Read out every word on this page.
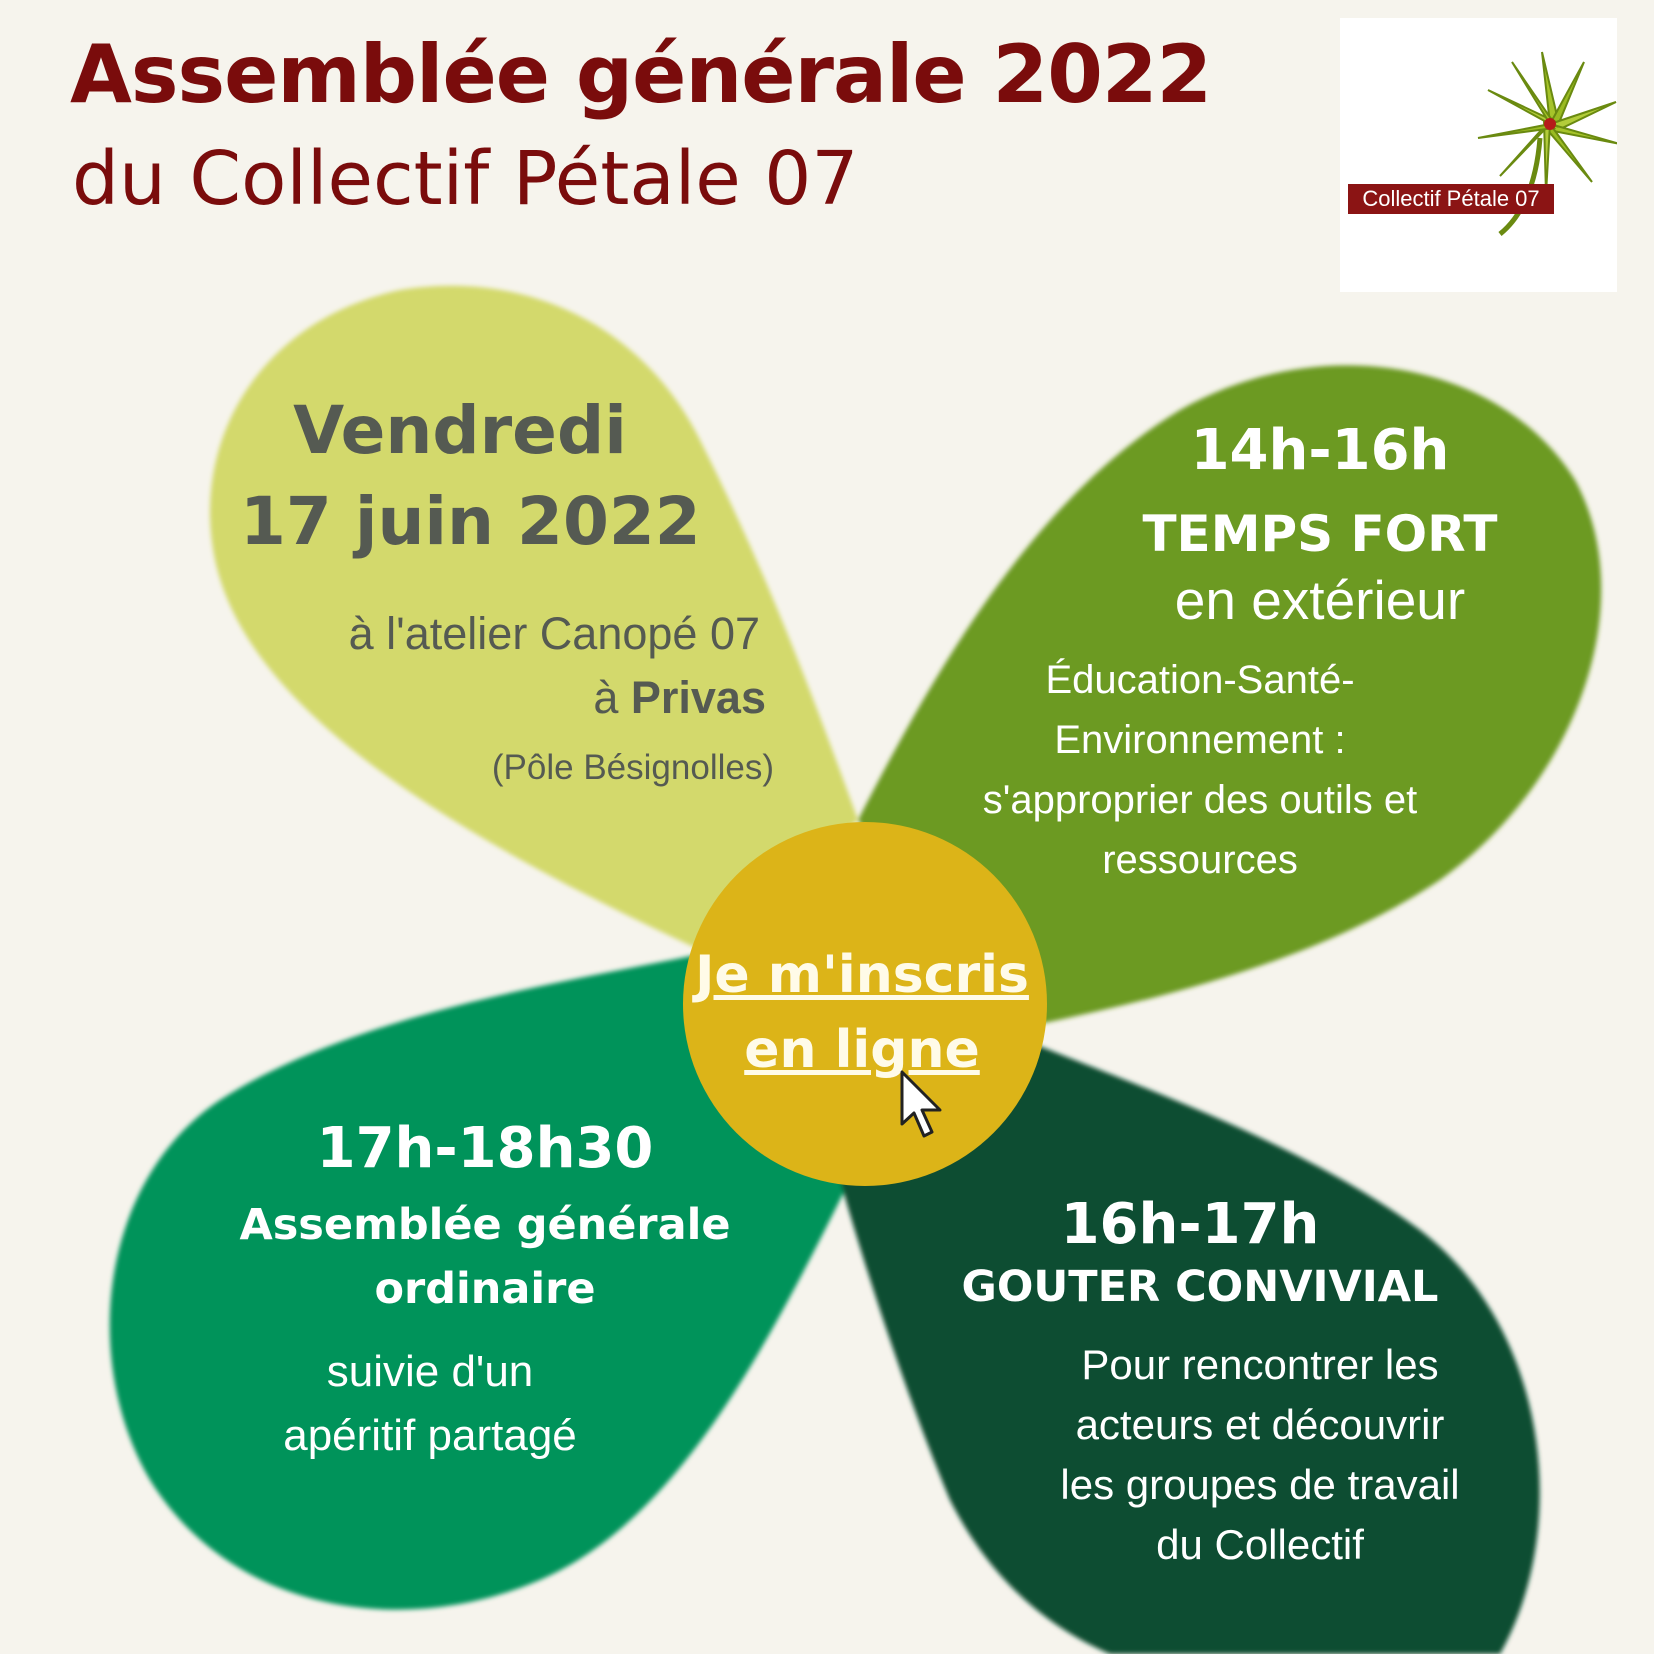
Assemblée générale 2022
du Collectif Pétale 07	Collectif Pétale 07
Vendredi
17 juin 2022
à l'atelier Canopé 07
à Privas
(Pôle Bésignolles)
14h-16h
TEMPS FORT
en extérieur
Éducation-Santé-
Environnement :
s'approprier des outils et
ressources
Je m'inscris
en ligne
17h-18h30
Assemblée générale
ordinaire
suivie d'un
apéritif partagé
16h-17h
GOUTER CONVIVIAL
Pour rencontrer les
acteurs et découvrir
les groupes de travail
du Collectif
